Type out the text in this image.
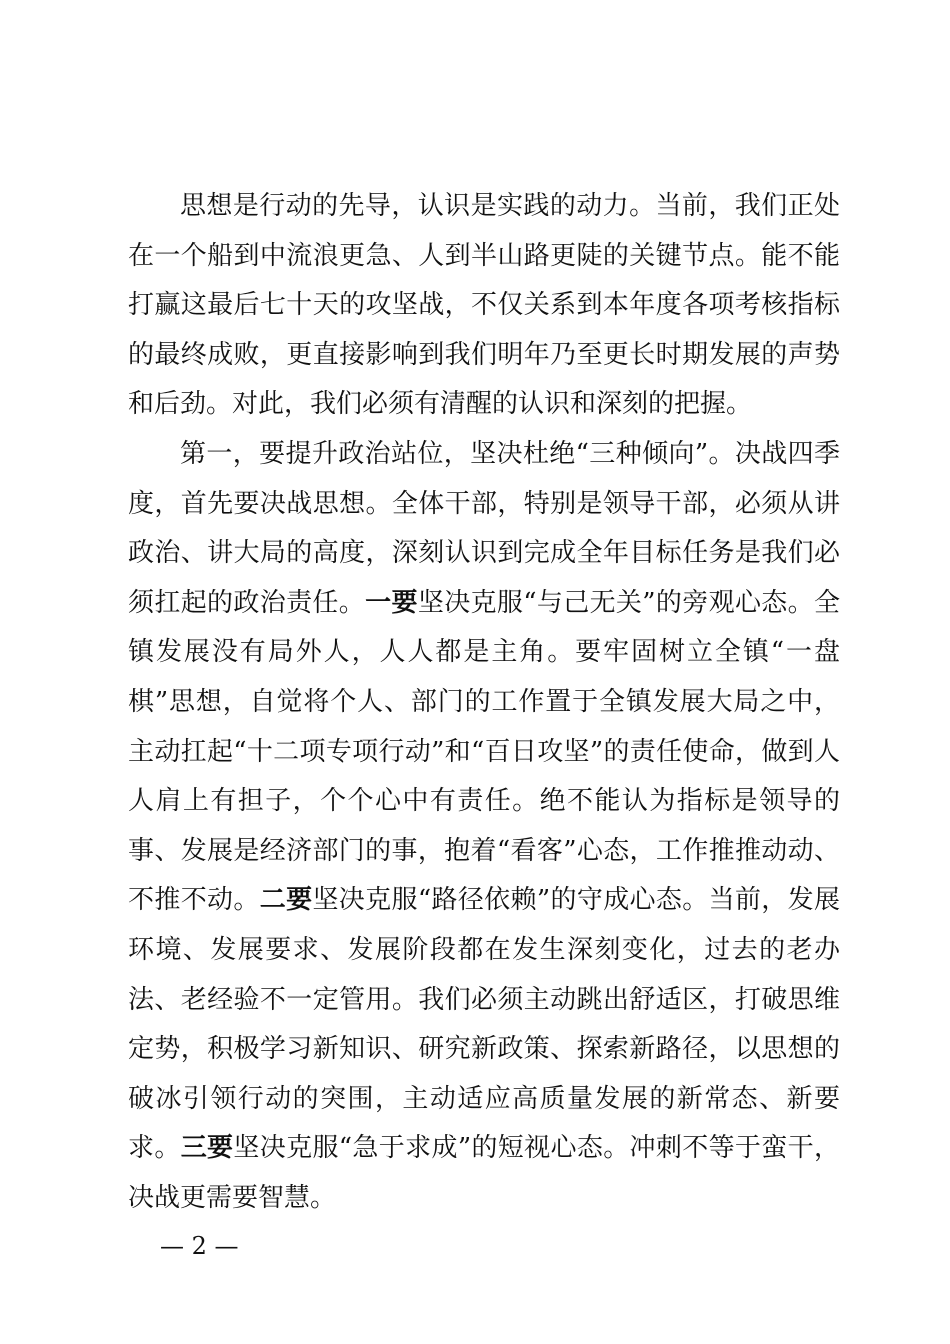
思想是行动的先导，认识是实践的动力。当前，我们正处在一个船到中流浪更急、人到半山路更陡的关键节点。能不能打赢这最后七十天的攻坚战，不仅关系到本年度各项考核指标的最终成败，更直接影响到我们明年乃至更长时期发展的声势和后劲。对此，我们必须有清醒的认识和深刻的把握。

第一，要提升政治站位，坚决杜绝“三种倾向”。决战四季度，首先要决战思想。全体干部，特别是领导干部，必须从讲政治、讲大局的高度，深刻认识到完成全年目标任务是我们必须扛起的政治责任。一要坚决克服“与己无关”的旁观心态。全镇发展没有局外人，人人都是主角。要牢固树立全镇“一盘棋”思想，自觉将个人、部门的工作置于全镇发展大局之中，主动扛起“十二项专项行动”和“百日攻坚”的责任使命，做到人人肩上有担子，个个心中有责任。绝不能认为指标是领导的事、发展是经济部门的事，抱着“看客”心态，工作推推动动、不推不动。二要坚决克服“路径依赖”的守成心态。当前，发展环境、发展要求、发展阶段都在发生深刻变化，过去的老办法、老经验不一定管用。我们必须主动跳出舒适区，打破思维定势，积极学习新知识、研究新政策、探索新路径，以思想的破冰引领行动的突围，主动适应高质量发展的新常态、新要求。三要坚决克服“急于求成”的短视心态。冲刺不等于蛮干，决战更需要智慧。

— 2 —
